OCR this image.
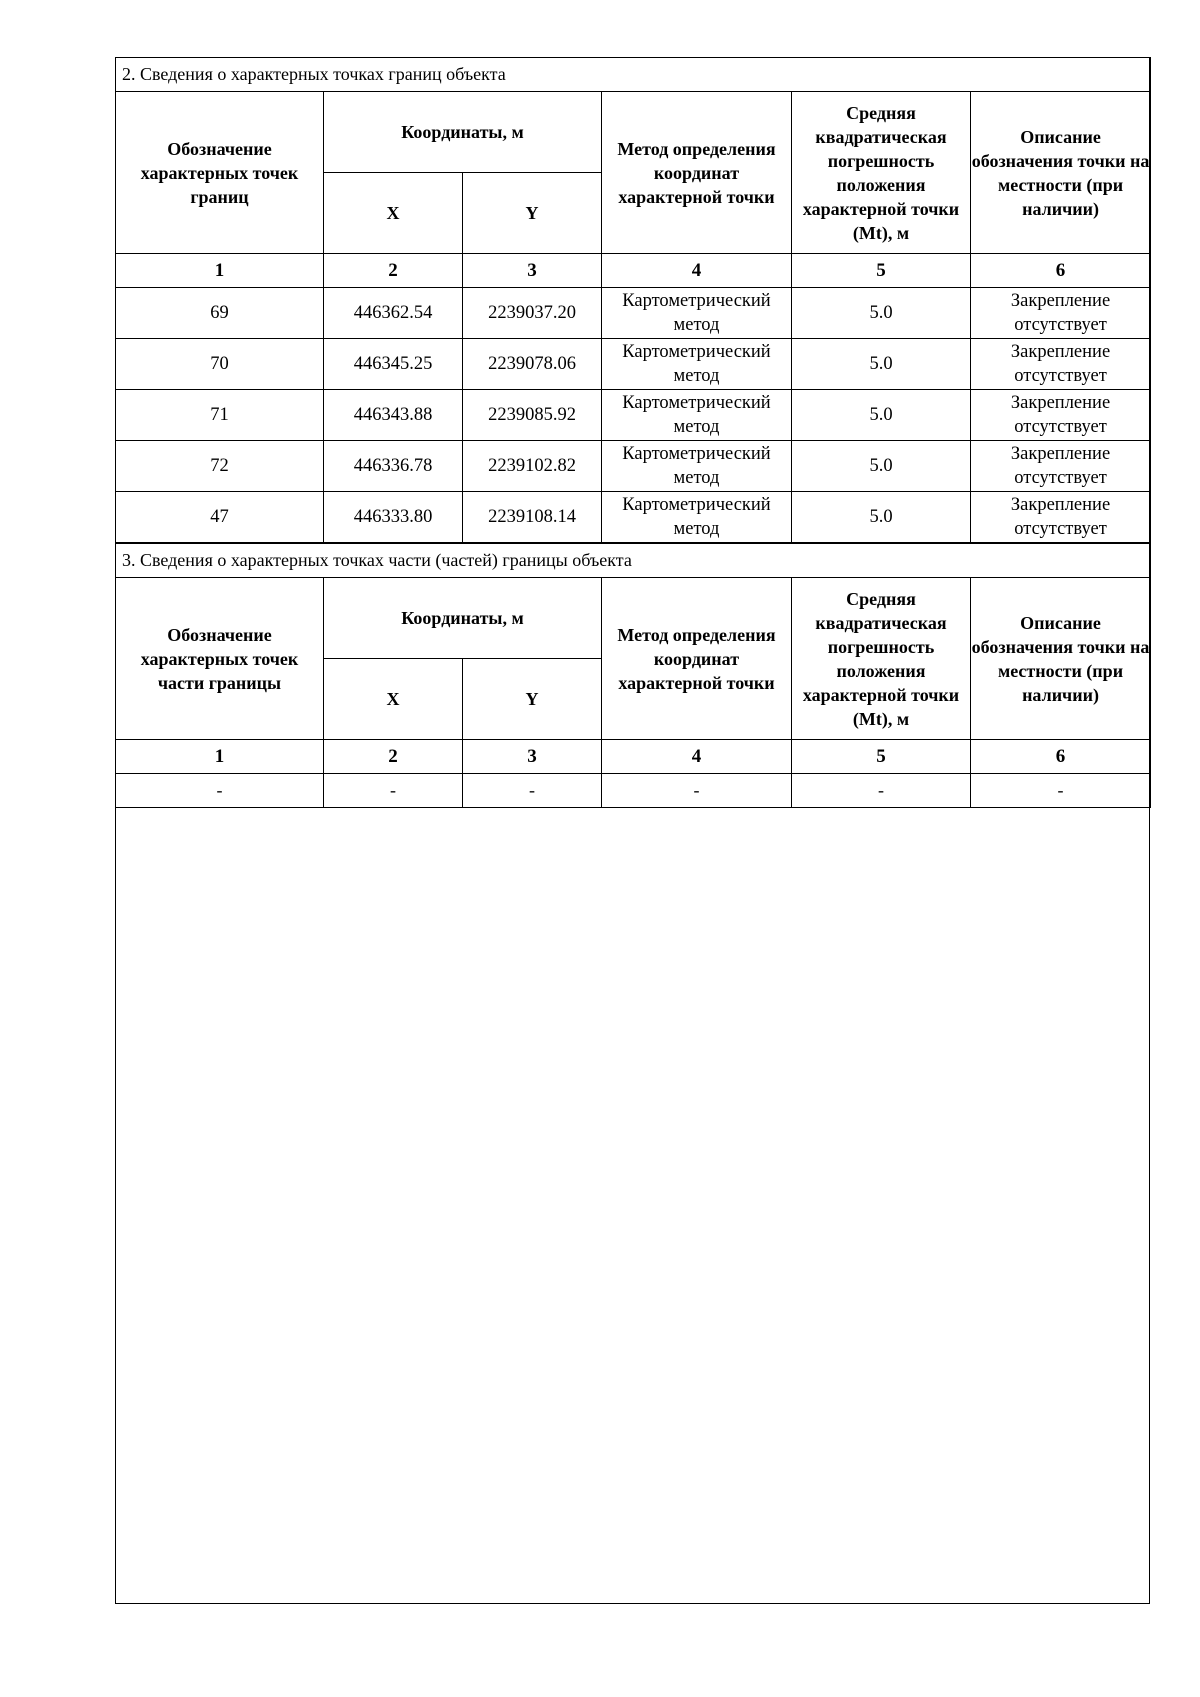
2. Сведения о характерных точках границ объекта					
Обозначение характерных точек границ	Координаты, м		Метод определения координат характерной точки	Средняя квадратическая погрешность положения характерной точки (Mt), м	Описание обозначения точки на местности (при наличии)
	X	Y			
1	2	3	4	5	6
69	446362.54	2239037.20	Картометрический метод	5.0	Закрепление отсутствует
70	446345.25	2239078.06	Картометрический метод	5.0	Закрепление отсутствует
71	446343.88	2239085.92	Картометрический метод	5.0	Закрепление отсутствует
72	446336.78	2239102.82	Картометрический метод	5.0	Закрепление отсутствует
47	446333.80	2239108.14	Картометрический метод	5.0	Закрепление отсутствует
3. Сведения о характерных точках части (частей) границы объекта					
Обозначение характерных точек части границы	Координаты, м		Метод определения координат характерной точки	Средняя квадратическая погрешность положения характерной точки (Mt), м	Описание обозначения точки на местности (при наличии)
	X	Y			
1	2	3	4	5	6
-	-	-	-	-	-
